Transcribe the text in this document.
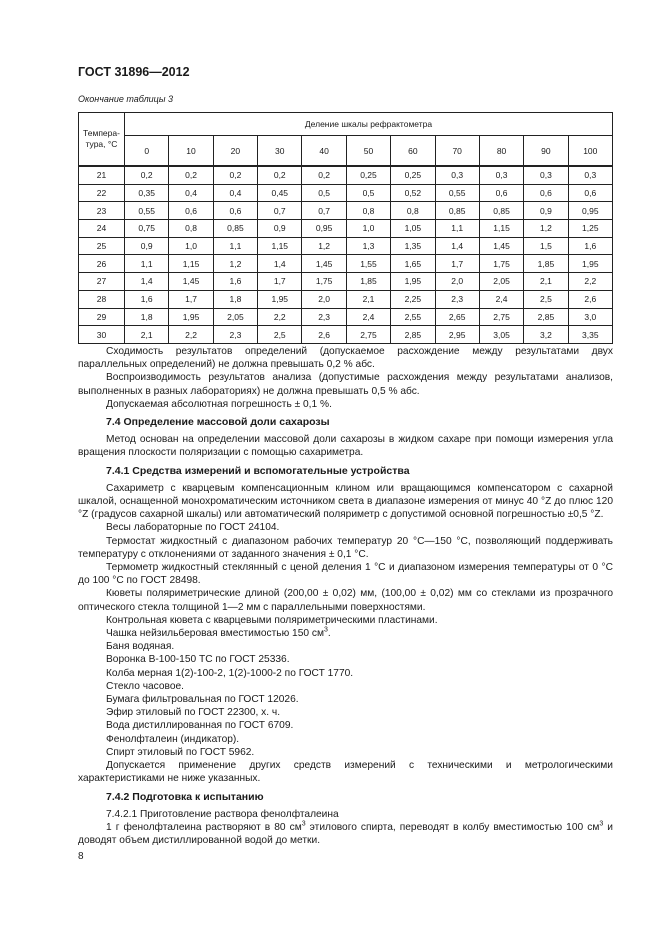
ГОСТ 31896—2012
Окончание таблицы 3
Темпера-тура, °С	Деление шкалы рефрактометра										
	0	10	20	30	40	50	60	70	80	90	100
21	0,2	0,2	0,2	0,2	0,2	0,25	0,25	0,3	0,3	0,3	0,3
22	0,35	0,4	0,4	0,45	0,5	0,5	0,52	0,55	0,6	0,6	0,6
23	0,55	0,6	0,6	0,7	0,7	0,8	0,8	0,85	0,85	0,9	0,95
24	0,75	0,8	0,85	0,9	0,95	1,0	1,05	1,1	1,15	1,2	1,25
25	0,9	1,0	1,1	1,15	1,2	1,3	1,35	1,4	1,45	1,5	1,6
26	1,1	1,15	1,2	1,4	1,45	1,55	1,65	1,7	1,75	1,85	1,95
27	1,4	1,45	1,6	1,7	1,75	1,85	1,95	2,0	2,05	2,1	2,2
28	1,6	1,7	1,8	1,95	2,0	2,1	2,25	2,3	2,4	2,5	2,6
29	1,8	1,95	2,05	2,2	2,3	2,4	2,55	2,65	2,75	2,85	3,0
30	2,1	2,2	2,3	2,5	2,6	2,75	2,85	2,95	3,05	3,2	3,35

Сходимость результатов определений (допускаемое расхождение между результатами двух параллельных определений) не должна превышать 0,2 % абс.

Воспроизводимость результатов анализа (допустимые расхождения между результатами анализов, выполненных в разных лабораториях) не должна превышать 0,5 % абс.

Допускаемая абсолютная погрешность ± 0,1 %.

7.4 Определение массовой доли сахарозы

Метод основан на определении массовой доли сахарозы в жидком сахаре при помощи измерения угла вращения плоскости поляризации с помощью сахариметра.

7.4.1 Средства измерений и вспомогательные устройства

Сахариметр с кварцевым компенсационным клином или вращающимся компенсатором с сахарной шкалой, оснащенной монохроматическим источником света в диапазоне измерения от минус 40 °Z до плюс 120 °Z (градусов сахарной шкалы) или автоматический поляриметр с допустимой основной погрешностью ±0,5 °Z.

Весы лабораторные по ГОСТ 24104.

Термостат жидкостный с диапазоном рабочих температур 20 °С—150 °С, позволяющий поддерживать температуру с отклонениями от заданного значения ± 0,1 °С.

Термометр жидкостный стеклянный с ценой деления 1 °С и диапазоном измерения температуры от 0 °С до 100 °С по ГОСТ 28498.

Кюветы поляриметрические длиной (200,00 ± 0,02) мм, (100,00 ± 0,02) мм со стеклами из прозрачного оптического стекла толщиной 1—2 мм с параллельными поверхностями.

Контрольная кювета с кварцевыми поляриметрическими пластинами.

Чашка нейзильберовая вместимостью 150 $см^3$.

Баня водяная.

Воронка В-100-150 ТС по ГОСТ 25336.

Колба мерная 1(2)-100-2, 1(2)-1000-2 по ГОСТ 1770.

Стекло часовое.

Бумага фильтровальная по ГОСТ 12026.

Эфир этиловый по ГОСТ 22300, х. ч.

Вода дистиллированная по ГОСТ 6709.

Фенолфталеин (индикатор).

Спирт этиловый по ГОСТ 5962.

Допускается применение других средств измерений с техническими и метрологическими характеристиками не ниже указанных.

7.4.2 Подготовка к испытанию

7.4.2.1 Приготовление раствора фенолфталеина

1 г фенолфталеина растворяют в 80 $см^3$ этилового спирта, переводят в колбу вместимостью 100 $см^3$ и доводят объем дистиллированной водой до метки.

8
